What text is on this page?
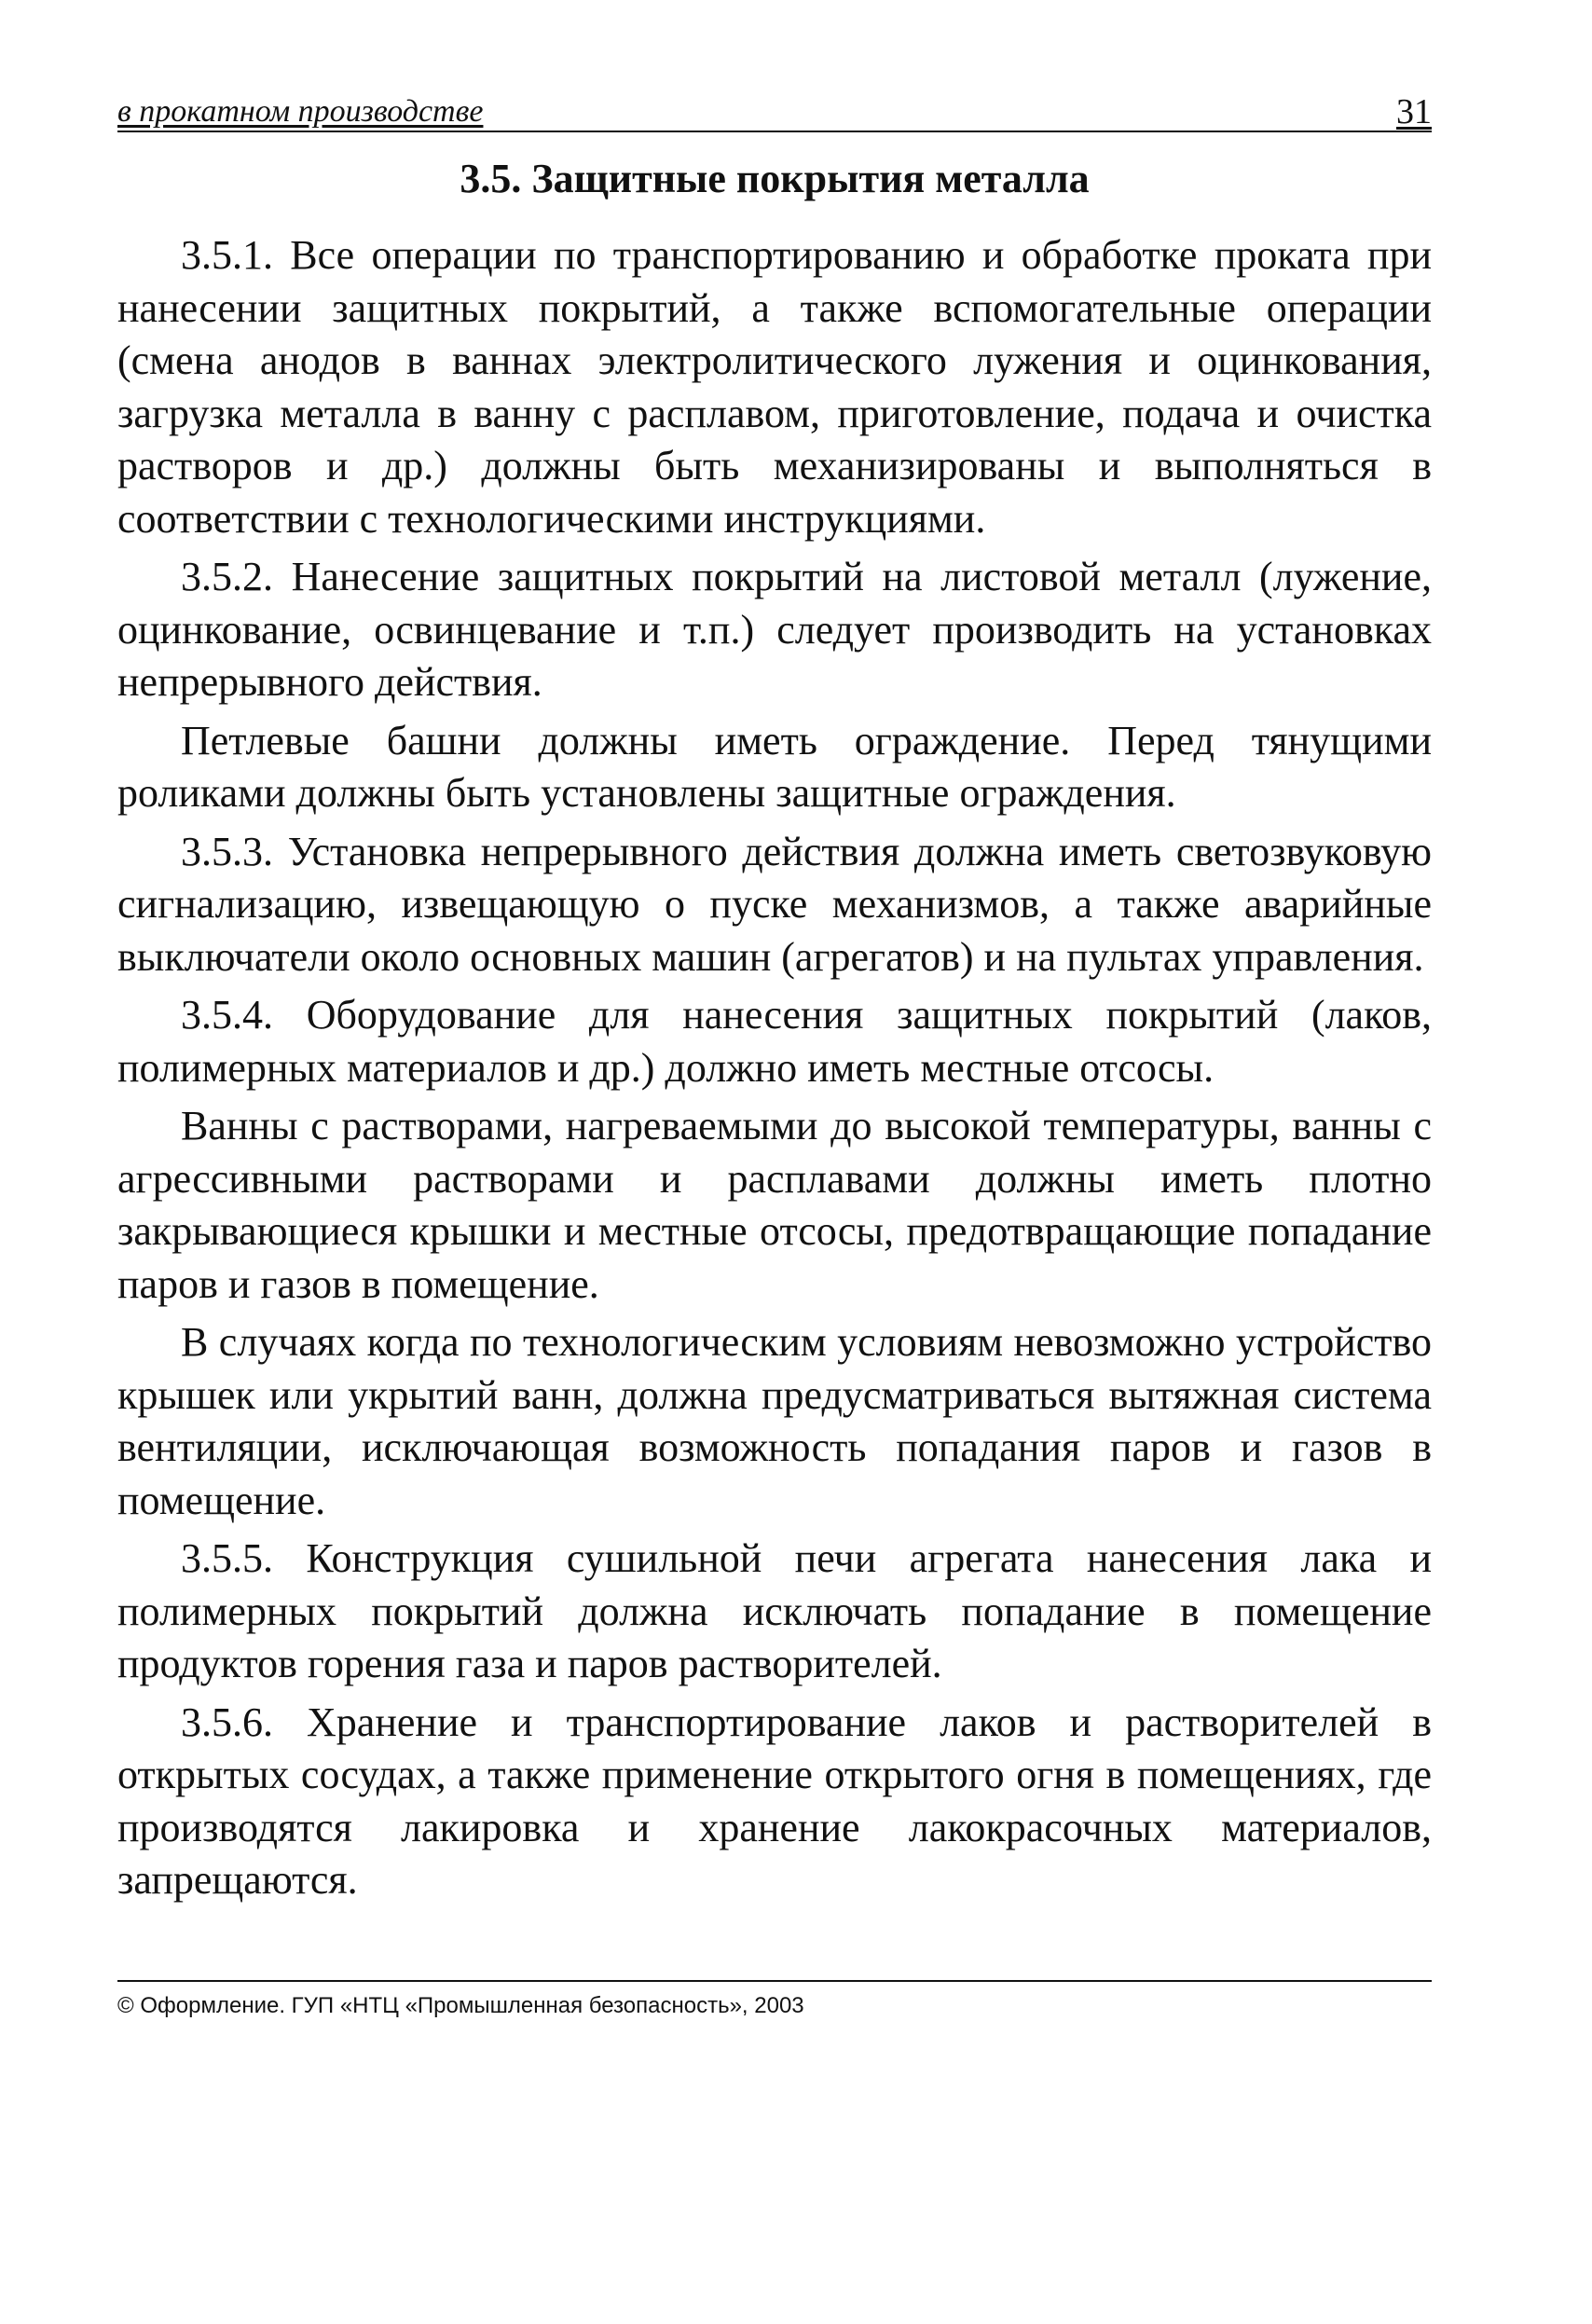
в прокатном производстве	31
3.5. Защитные покрытия металла

3.5.1. Все операции по транспортированию и обработке проката при нанесении защитных покрытий, а также вспомогательные операции (смена анодов в ваннах электролитического лужения и оцинкования, загрузка металла в ванну с расплавом, приготовление, подача и очистка растворов и др.) должны быть механизированы и выполняться в соответствии с технологическими инструкциями.

3.5.2. Нанесение защитных покрытий на листовой металл (лужение, оцинкование, освинцевание и т.п.) следует производить на установках непрерывного действия.

Петлевые башни должны иметь ограждение. Перед тянущими роликами должны быть установлены защитные ограждения.

3.5.3. Установка непрерывного действия должна иметь светозвуковую сигнализацию, извещающую о пуске механизмов, а также аварийные выключатели около основных машин (агрегатов) и на пультах управления.

3.5.4. Оборудование для нанесения защитных покрытий (лаков, полимерных материалов и др.) должно иметь местные отсосы.

Ванны с растворами, нагреваемыми до высокой температуры, ванны с агрессивными растворами и расплавами должны иметь плотно закрывающиеся крышки и местные отсосы, предотвращающие попадание паров и газов в помещение.

В случаях когда по технологическим условиям невозможно устройство крышек или укрытий ванн, должна предусматриваться вытяжная система вентиляции, исключающая возможность попадания паров и газов в помещение.

3.5.5. Конструкция сушильной печи агрегата нанесения лака и полимерных покрытий должна исключать попадание в помещение продуктов горения газа и паров растворителей.

3.5.6. Хранение и транспортирование лаков и растворителей в открытых сосудах, а также применение открытого огня в помещениях, где производятся лакировка и хранение лакокрасочных материалов, запрещаются.

© Оформление. ГУП «НТЦ «Промышленная безопасность», 2003
